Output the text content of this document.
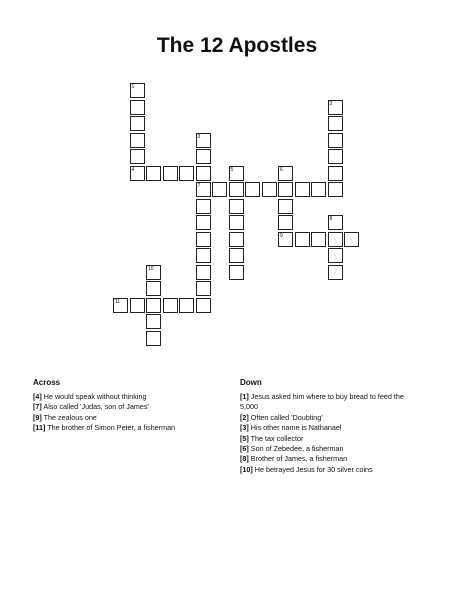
The 12 Apostles
1
4
2
3
7
5	6
9
8
10
11
Across
[4] He would speak without thinking
[7] Also called 'Judas, son of James'
[9] The zealous one
[11] The brother of Simon Peter, a fisherman
Down
[1] Jesus asked him where to buy bread to feed the 5,000
[2] Often called 'Doubting'
[3] His other name is Nathanael
[5] The tax collector
[6] Son of Zebedee, a fisherman
[8] Brother of James, a fisherman
[10] He betrayed Jesus for 30 silver coins
